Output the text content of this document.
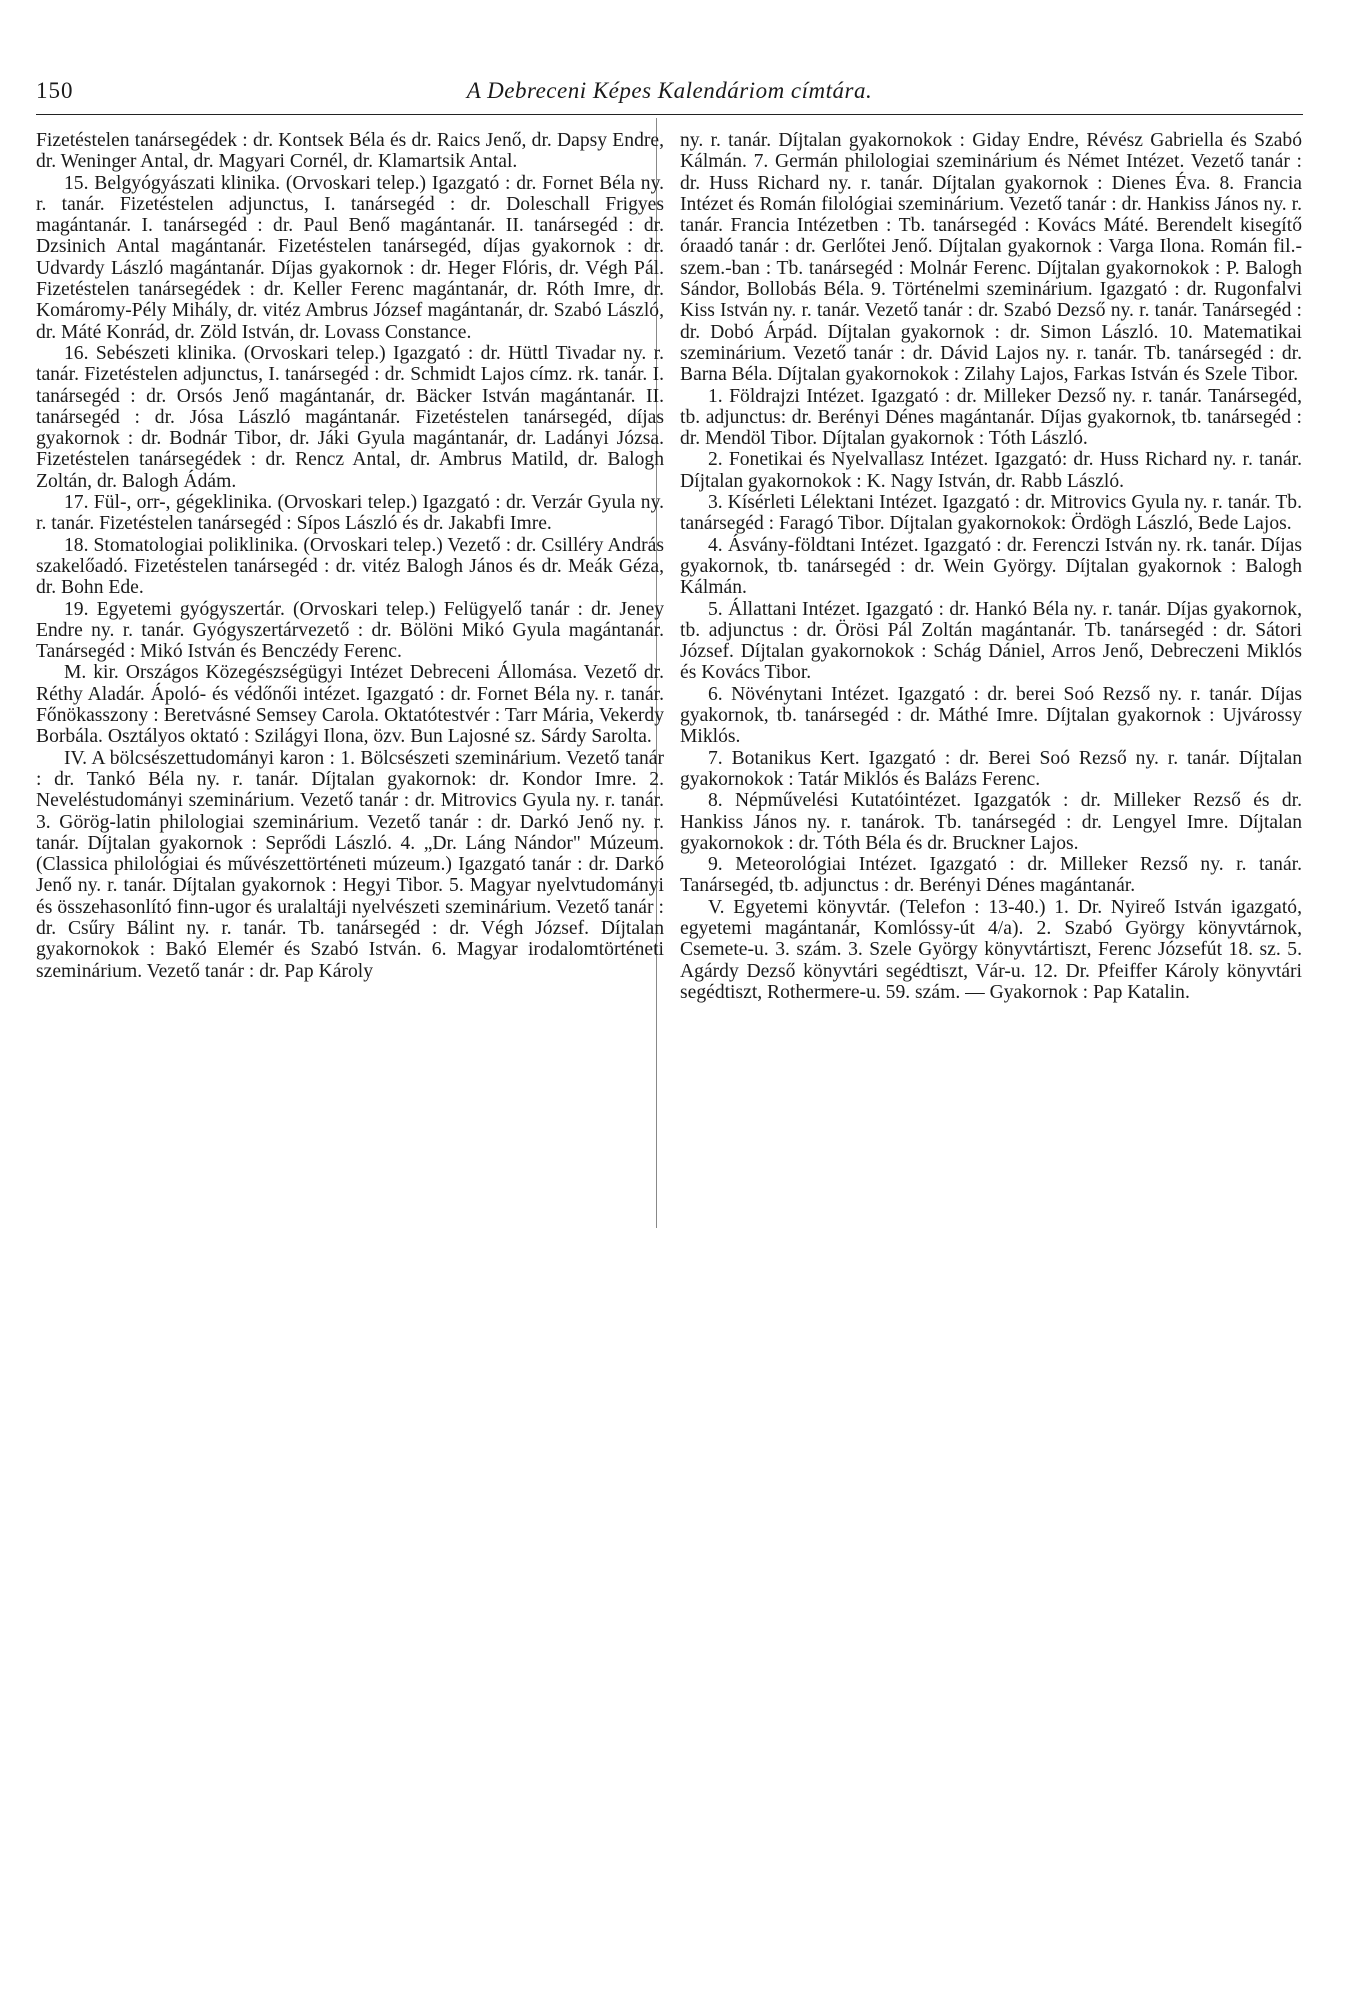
150	A Debreceni Képes Kalendáriom címtára.

Fizetéstelen tanársegédek : dr. Kontsek Béla és dr. Raics Jenő, dr. Dapsy Endre, dr. Weninger Antal, dr. Magyari Cornél, dr. Klamartsik Antal.

15. Belgyógyászati klinika. (Orvoskari telep.) Igazgató : dr. Fornet Béla ny. r. tanár. Fizetéstelen adjunctus, I. tanársegéd : dr. Doleschall Frigyes magántanár. I. tanársegéd : dr. Paul Benő magántanár. II. tanársegéd : dr. Dzsinich Antal magántanár. Fizetéstelen tanársegéd, díjas gyakornok : dr. Udvardy László magántanár. Díjas gyakornok : dr. Heger Flóris, dr. Végh Pál. Fizetéstelen tanársegédek : dr. Keller Ferenc magántanár, dr. Róth Imre, dr. Komáromy-Pély Mihály, dr. vitéz Ambrus József magántanár, dr. Szabó László, dr. Máté Konrád, dr. Zöld István, dr. Lovass Constance.

16. Sebészeti klinika. (Orvoskari telep.) Igazgató : dr. Hüttl Tivadar ny. r. tanár. Fizetéstelen adjunctus, I. tanársegéd : dr. Schmidt Lajos címz. rk. tanár. I. tanársegéd : dr. Orsós Jenő magántanár, dr. Bäcker István magántanár. II. tanársegéd : dr. Jósa László magántanár. Fizetéstelen tanársegéd, díjas gyakornok : dr. Bodnár Tibor, dr. Jáki Gyula magántanár, dr. Ladányi Józsa. Fizetéstelen tanársegédek : dr. Rencz Antal, dr. Ambrus Matild, dr. Balogh Zoltán, dr. Balogh Ádám.

17. Fül-, orr-, gégeklinika. (Orvoskari telep.) Igazgató : dr. Verzár Gyula ny. r. tanár. Fizetéstelen tanársegéd : Sípos László és dr. Jakabfi Imre.

18. Stomatologiai poliklinika. (Orvoskari telep.) Vezető : dr. Csilléry András szakelőadó. Fizetéstelen tanársegéd : dr. vitéz Balogh János és dr. Meák Géza, dr. Bohn Ede.

19. Egyetemi gyógyszertár. (Orvoskari telep.) Felügyelő tanár : dr. Jeney Endre ny. r. tanár. Gyógyszertárvezető : dr. Bölöni Mikó Gyula magántanár. Tanársegéd : Mikó István és Benczédy Ferenc.

M. kir. Országos Közegészségügyi Intézet Debreceni Állomása. Vezető dr. Réthy Aladár. Ápoló- és védőnői intézet. Igazgató : dr. Fornet Béla ny. r. tanár. Főnökasszony : Beretvásné Semsey Carola. Oktatótestvér : Tarr Mária, Vekerdy Borbála. Osztályos oktató : Szilágyi Ilona, özv. Bun Lajosné sz. Sárdy Sarolta.

IV. A bölcsészettudományi karon : 1. Bölcsészeti szeminárium. Vezető tanár : dr. Tankó Béla ny. r. tanár. Díjtalan gyakornok: dr. Kondor Imre. 2. Neveléstudományi szeminárium. Vezető tanár : dr. Mitrovics Gyula ny. r. tanár. 3. Görög-latin philologiai szeminárium. Vezető tanár : dr. Darkó Jenő ny. r. tanár. Díjtalan gyakornok : Seprődi László. 4. „Dr. Láng Nándor" Múzeum. (Classica philológiai és művészettörténeti múzeum.) Igazgató tanár : dr. Darkó Jenő ny. r. tanár. Díjtalan gyakornok : Hegyi Tibor. 5. Magyar nyelvtudományi és összehasonlító finn-ugor és uralaltáji nyelvészeti szeminárium. Vezető tanár : dr. Csűry Bálint ny. r. tanár. Tb. tanársegéd : dr. Végh József. Díjtalan gyakornokok : Bakó Elemér és Szabó István. 6. Magyar irodalomtörténeti szeminárium. Vezető tanár : dr. Pap Károly

ny. r. tanár. Díjtalan gyakornokok : Giday Endre, Révész Gabriella és Szabó Kálmán. 7. Germán philologiai szeminárium és Német Intézet. Vezető tanár : dr. Huss Richard ny. r. tanár. Díjtalan gyakornok : Dienes Éva. 8. Francia Intézet és Román filológiai szeminárium. Vezető tanár : dr. Hankiss János ny. r. tanár. Francia Intézetben : Tb. tanársegéd : Kovács Máté. Berendelt kisegítő óraadó tanár : dr. Gerlőtei Jenő. Díjtalan gyakornok : Varga Ilona. Román fil.-szem.-ban : Tb. tanársegéd : Molnár Ferenc. Díjtalan gyakornokok : P. Balogh Sándor, Bollobás Béla. 9. Történelmi szeminárium. Igazgató : dr. Rugonfalvi Kiss István ny. r. tanár. Vezető tanár : dr. Szabó Dezső ny. r. tanár. Tanársegéd : dr. Dobó Árpád. Díjtalan gyakornok : dr. Simon László. 10. Matematikai szeminárium. Vezető tanár : dr. Dávid Lajos ny. r. tanár. Tb. tanársegéd : dr. Barna Béla. Díjtalan gyakornokok : Zilahy Lajos, Farkas István és Szele Tibor.

1. Földrajzi Intézet. Igazgató : dr. Milleker Dezső ny. r. tanár. Tanársegéd, tb. adjunctus: dr. Berényi Dénes magántanár. Díjas gyakornok, tb. tanársegéd : dr. Mendöl Tibor. Díjtalan gyakornok : Tóth László.

2. Fonetikai és Nyelvallasz Intézet. Igazgató: dr. Huss Richard ny. r. tanár. Díjtalan gyakornokok : K. Nagy István, dr. Rabb László.

3. Kísérleti Lélektani Intézet. Igazgató : dr. Mitrovics Gyula ny. r. tanár. Tb. tanársegéd : Faragó Tibor. Díjtalan gyakornokok: Ördögh László, Bede Lajos.

4. Ásvány-földtani Intézet. Igazgató : dr. Ferenczi István ny. rk. tanár. Díjas gyakornok, tb. tanársegéd : dr. Wein György. Díjtalan gyakornok : Balogh Kálmán.

5. Állattani Intézet. Igazgató : dr. Hankó Béla ny. r. tanár. Díjas gyakornok, tb. adjunctus : dr. Örösi Pál Zoltán magántanár. Tb. tanársegéd : dr. Sátori József. Díjtalan gyakornokok : Schág Dániel, Arros Jenő, Debreczeni Miklós és Kovács Tibor.

6. Növénytani Intézet. Igazgató : dr. berei Soó Rezső ny. r. tanár. Díjas gyakornok, tb. tanársegéd : dr. Máthé Imre. Díjtalan gyakornok : Ujvárossy Miklós.

7. Botanikus Kert. Igazgató : dr. Berei Soó Rezső ny. r. tanár. Díjtalan gyakornokok : Tatár Miklós és Balázs Ferenc.

8. Népművelési Kutatóintézet. Igazgatók : dr. Milleker Rezső és dr. Hankiss János ny. r. tanárok. Tb. tanársegéd : dr. Lengyel Imre. Díjtalan gyakornokok : dr. Tóth Béla és dr. Bruckner Lajos.

9. Meteorológiai Intézet. Igazgató : dr. Milleker Rezső ny. r. tanár. Tanársegéd, tb. adjunctus : dr. Berényi Dénes magántanár.

V. Egyetemi könyvtár. (Telefon : 13-40.) 1. Dr. Nyireő István igazgató, egyetemi magántanár, Komlóssy-út 4/a). 2. Szabó György könyvtárnok, Csemete-u. 3. szám. 3. Szele György könyvtártiszt, Ferenc Józsefút 18. sz. 5. Agárdy Dezső könyvtári segédtiszt, Vár-u. 12. Dr. Pfeiffer Károly könyvtári segédtiszt, Rothermere-u. 59. szám. — Gyakornok : Pap Katalin.
